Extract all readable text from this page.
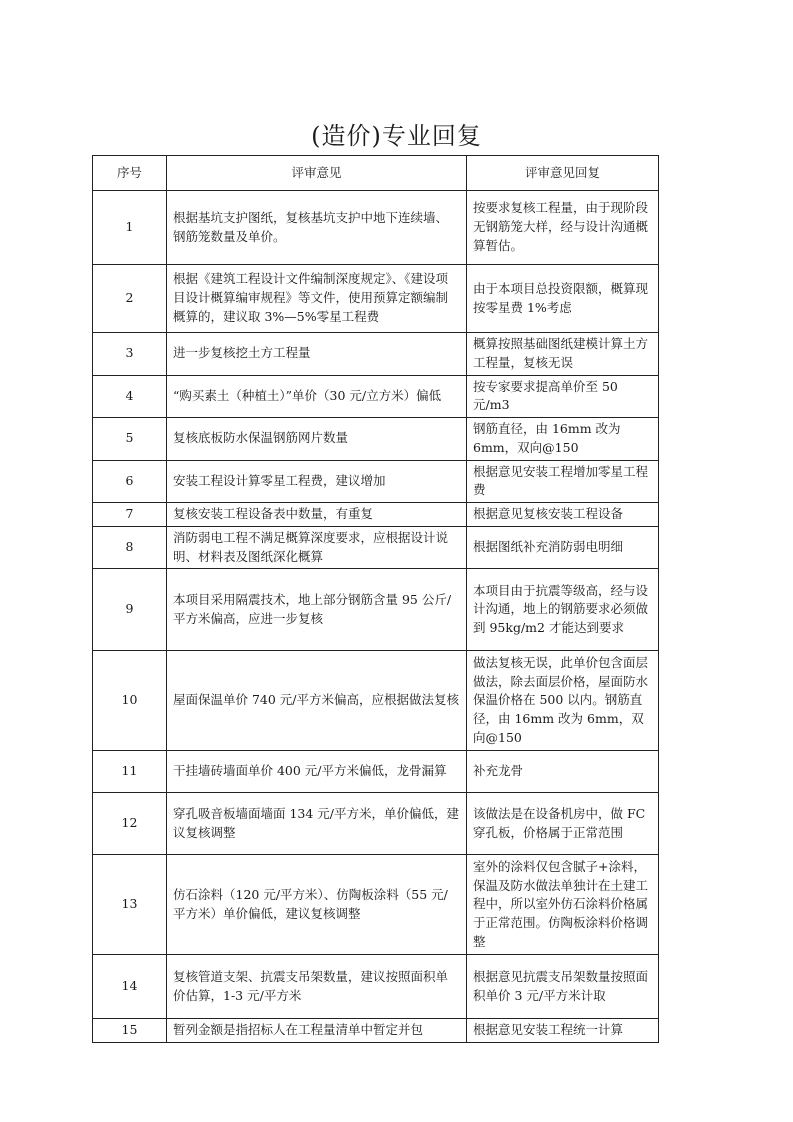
(造价)专业回复
序号	评审意见	评审意见回复
1	根据基坑支护图纸，复核基坑支护中地下连续墙、钢筋笼数量及单价。	按要求复核工程量，由于现阶段无钢筋笼大样，经与设计沟通概算暂估。
2	根据《建筑工程设计文件编制深度规定》、《建设项目设计概算编审规程》等文件，使用预算定额编制概算的，建议取 3%—5%零星工程费	由于本项目总投资限额，概算现按零星费 1%考虑
3	进一步复核挖土方工程量	概算按照基础图纸建模计算土方工程量，复核无误
4	“购买素土（种植土）”单价（30 元/立方米）偏低	按专家要求提高单价至 50 元/m3
5	复核底板防水保温钢筋网片数量	钢筋直径，由 16mm 改为 6mm，双向@150
6	安装工程设计算零星工程费，建议增加	根据意见安装工程增加零星工程费
7	复核安装工程设备表中数量，有重复	根据意见复核安装工程设备
8	消防弱电工程不满足概算深度要求，应根据设计说明、材料表及图纸深化概算	根据图纸补充消防弱电明细
9	本项目采用隔震技术，地上部分钢筋含量 95 公斤/平方米偏高，应进一步复核	本项目由于抗震等级高，经与设计沟通，地上的钢筋要求必须做到 95kg/m2 才能达到要求
10	屋面保温单价 740 元/平方米偏高，应根据做法复核	做法复核无误，此单价包含面层做法，除去面层价格，屋面防水保温价格在 500 以内。钢筋直径，由 16mm 改为 6mm，双向@150
11	干挂墙砖墙面单价 400 元/平方米偏低，龙骨漏算	补充龙骨
12	穿孔吸音板墙面墙面 134 元/平方米，单价偏低，建议复核调整	该做法是在设备机房中，做 FC 穿孔板，价格属于正常范围
13	仿石涂料（120 元/平方米）、仿陶板涂料（55 元/平方米）单价偏低，建议复核调整	室外的涂料仅包含腻子+涂料，保温及防水做法单独计在土建工程中，所以室外仿石涂料价格属于正常范围。仿陶板涂料价格调整
14	复核管道支架、抗震支吊架数量，建议按照面积单价估算，1-3 元/平方米	根据意见抗震支吊架数量按照面积单价 3 元/平方米计取
15	暂列金额是指招标人在工程量清单中暂定并包	根据意见安装工程统一计算
